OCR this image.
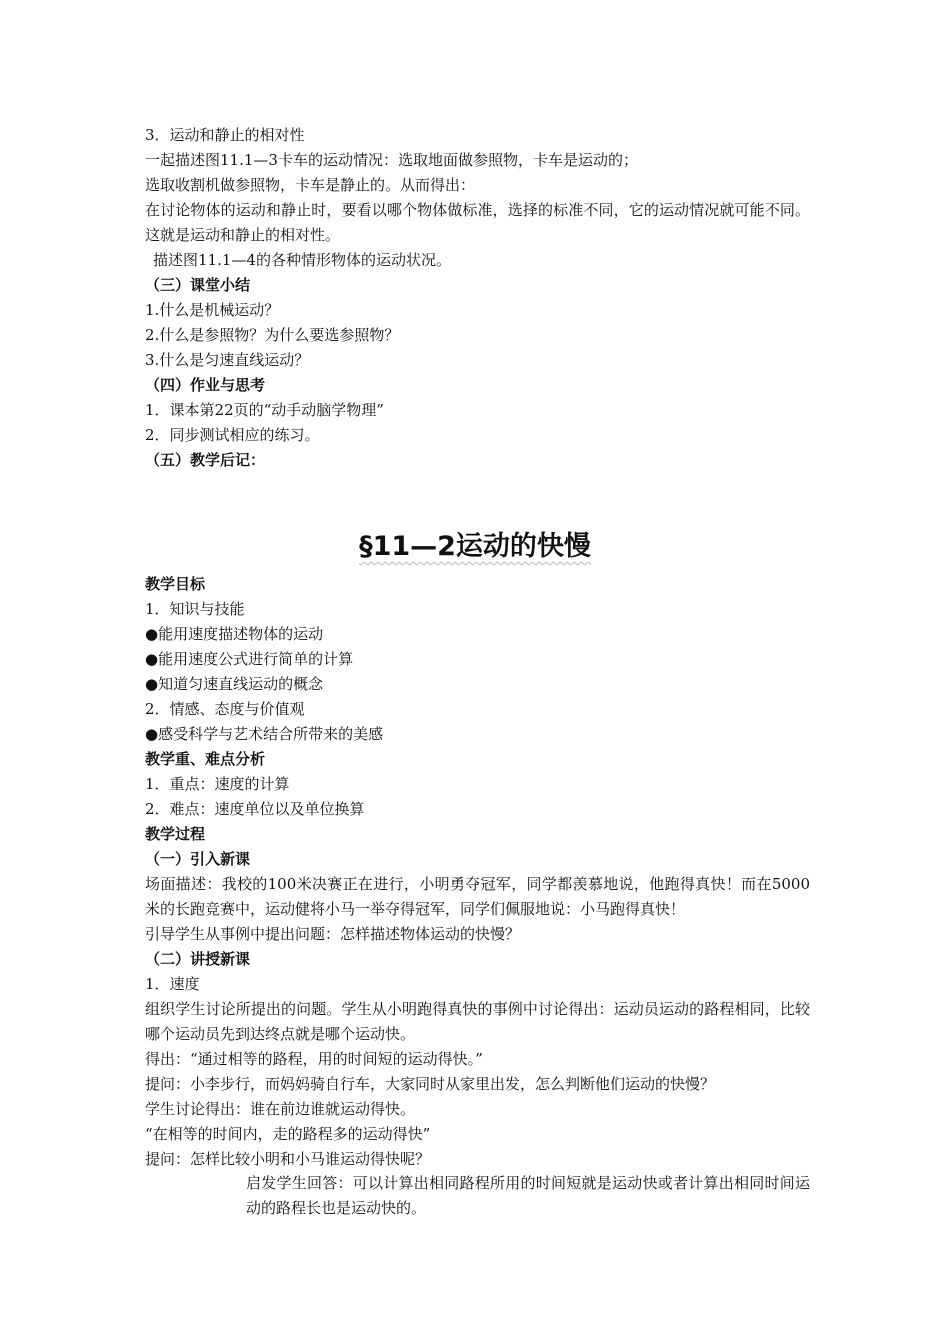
3．运动和静止的相对性
一起描述图11.1—3卡车的运动情况：选取地面做参照物，卡车是运动的；
选取收割机做参照物，卡车是静止的。从而得出：
在讨论物体的运动和静止时，要看以哪个物体做标准，选择的标准不同，它的运动情况就可能不同。这就是运动和静止的相对性。
描述图11.1—4的各种情形物体的运动状况。
（三）课堂小结
1.什么是机械运动？
2.什么是参照物？为什么要选参照物？
3.什么是匀速直线运动？
（四）作业与思考
1．课本第22页的“动手动脑学物理”
2．同步测试相应的练习。
（五）教学后记：
§11—2运动的快慢
教学目标
1．知识与技能
●能用速度描述物体的运动
●能用速度公式进行简单的计算
●知道匀速直线运动的概念
2．情感、态度与价值观
●感受科学与艺术结合所带来的美感
教学重、难点分析
1．重点：速度的计算
2．难点：速度单位以及单位换算
教学过程
（一）引入新课
场面描述：我校的100米决赛正在进行，小明勇夺冠军，同学都羡慕地说，他跑得真快！而在5000米的长跑竞赛中，运动健将小马一举夺得冠军，同学们佩服地说：小马跑得真快！
引导学生从事例中提出问题：怎样描述物体运动的快慢？
（二）讲授新课
1．速度
组织学生讨论所提出的问题。学生从小明跑得真快的事例中讨论得出：运动员运动的路程相同，比较哪个运动员先到达终点就是哪个运动快。
得出：“通过相等的路程，用的时间短的运动得快。”
提问：小李步行，而妈妈骑自行车，大家同时从家里出发，怎么判断他们运动的快慢？
学生讨论得出：谁在前边谁就运动得快。
“在相等的时间内，走的路程多的运动得快”
提问：怎样比较小明和小马谁运动得快呢？
启发学生回答：可以计算出相同路程所用的时间短就是运动快或者计算出相同时间运动的路程长也是运动快的。
